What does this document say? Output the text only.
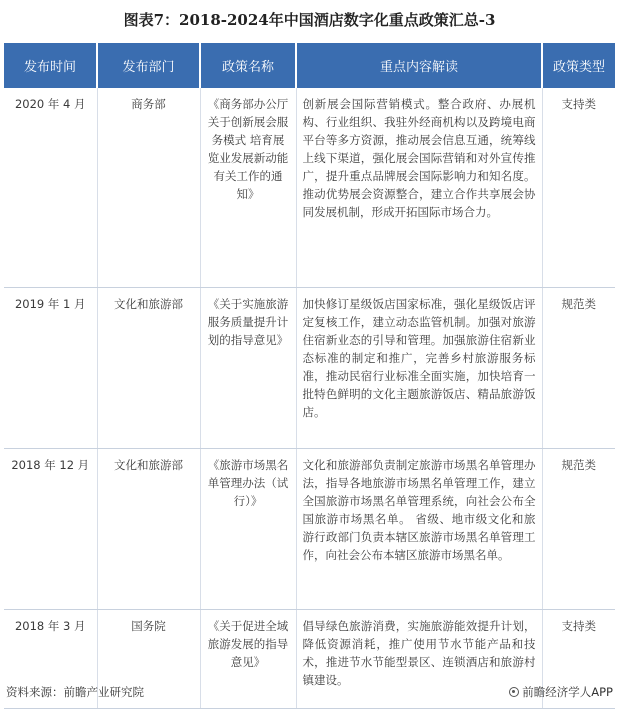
图表7：2018-2024年中国酒店数字化重点政策汇总-3
发布时间	发布部门	政策名称	重点内容解读	政策类型
2020 年 4 月	商务部	《商务部办公厅关于创新展会服务模式 培育展览业发展新动能有关工作的通知》	创新展会国际营销模式。整合政府、办展机构、行业组织、我驻外经商机构以及跨境电商平台等多方资源，推动展会信息互通，统筹线上线下渠道，强化展会国际营销和对外宣传推广，提升重点品牌展会国际影响力和知名度。推动优势展会资源整合，建立合作共享展会协同发展机制，形成开拓国际市场合力。	支持类
2019 年 1 月	文化和旅游部	《关于实施旅游服务质量提升计划的指导意见》	加快修订星级饭店国家标准，强化星级饭店评定复核工作，建立动态监管机制。加强对旅游住宿新业态的引导和管理。加强旅游住宿新业态标准的制定和推广，完善乡村旅游服务标准，推动民宿行业标准全面实施，加快培育一批特色鲜明的文化主题旅游饭店、精品旅游饭店。	规范类
2018 年 12 月	文化和旅游部	《旅游市场黑名单管理办法（试行）》	文化和旅游部负责制定旅游市场黑名单管理办法，指导各地旅游市场黑名单管理工作，建立全国旅游市场黑名单管理系统，向社会公布全国旅游市场黑名单。 省级、地市级文化和旅游行政部门负责本辖区旅游市场黑名单管理工作，向社会公布本辖区旅游市场黑名单。	规范类
2018 年 3 月	国务院	《关于促进全域旅游发展的指导意见》	倡导绿色旅游消费，实施旅游能效提升计划，降低资源消耗，推广使用节水节能产品和技术，推进节水节能型景区、连锁酒店和旅游村镇建设。	支持类
资料来源：前瞻产业研究院	前瞻经济学人APP
